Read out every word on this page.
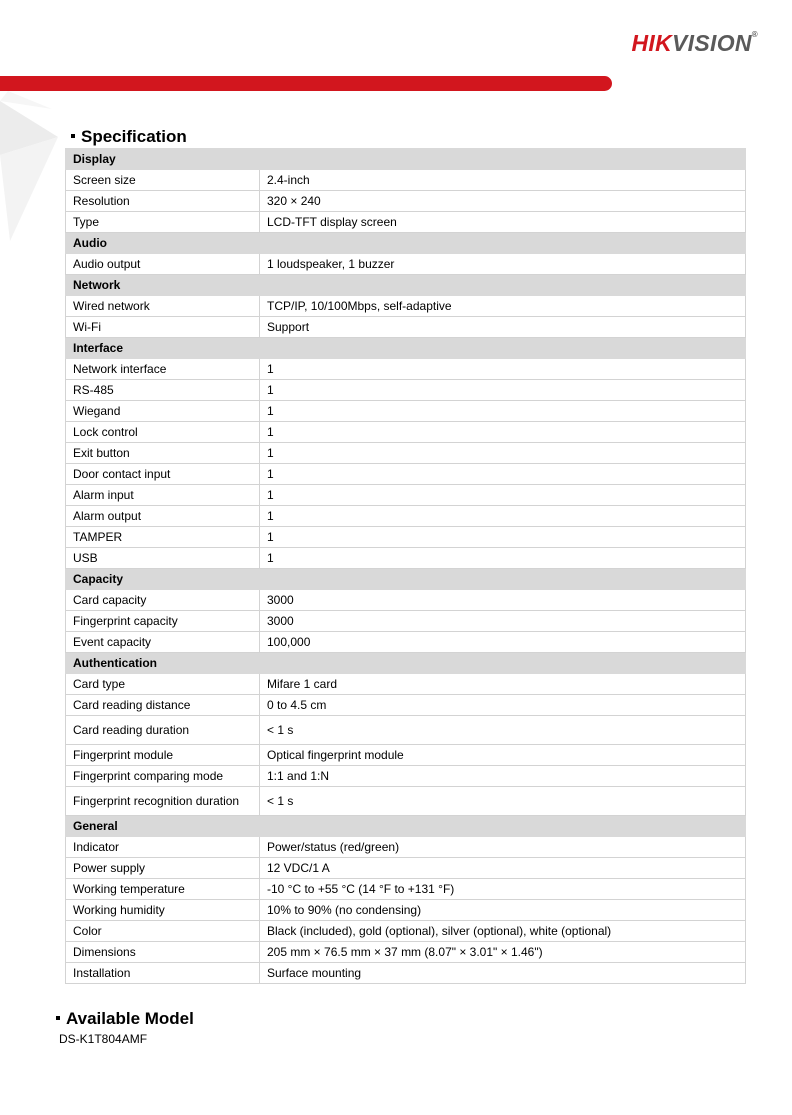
HIKVISION®
Specification
Display	
Screen size	2.4-inch
Resolution	320 × 240
Type	LCD-TFT display screen
Audio	
Audio output	1 loudspeaker, 1 buzzer
Network	
Wired network	TCP/IP, 10/100Mbps, self-adaptive
Wi-Fi	Support
Interface	
Network interface	1
RS-485	1
Wiegand	1
Lock control	1
Exit button	1
Door contact input	1
Alarm input	1
Alarm output	1
TAMPER	1
USB	1
Capacity	
Card capacity	3000
Fingerprint capacity	3000
Event capacity	100,000
Authentication	
Card type	Mifare 1 card
Card reading distance	0 to 4.5 cm
Card reading duration	< 1 s
Fingerprint module	Optical fingerprint module
Fingerprint comparing mode	1:1 and 1:N
Fingerprint recognition duration	< 1 s
General	
Indicator	Power/status (red/green)
Power supply	12 VDC/1 A
Working temperature	-10 °C to +55 °C (14 °F to +131 °F)
Working humidity	10% to 90% (no condensing)
Color	Black (included), gold (optional), silver (optional), white (optional)
Dimensions	205 mm × 76.5 mm × 37 mm (8.07" × 3.01" × 1.46")
Installation	Surface mounting
Available Model
DS-K1T804AMF
